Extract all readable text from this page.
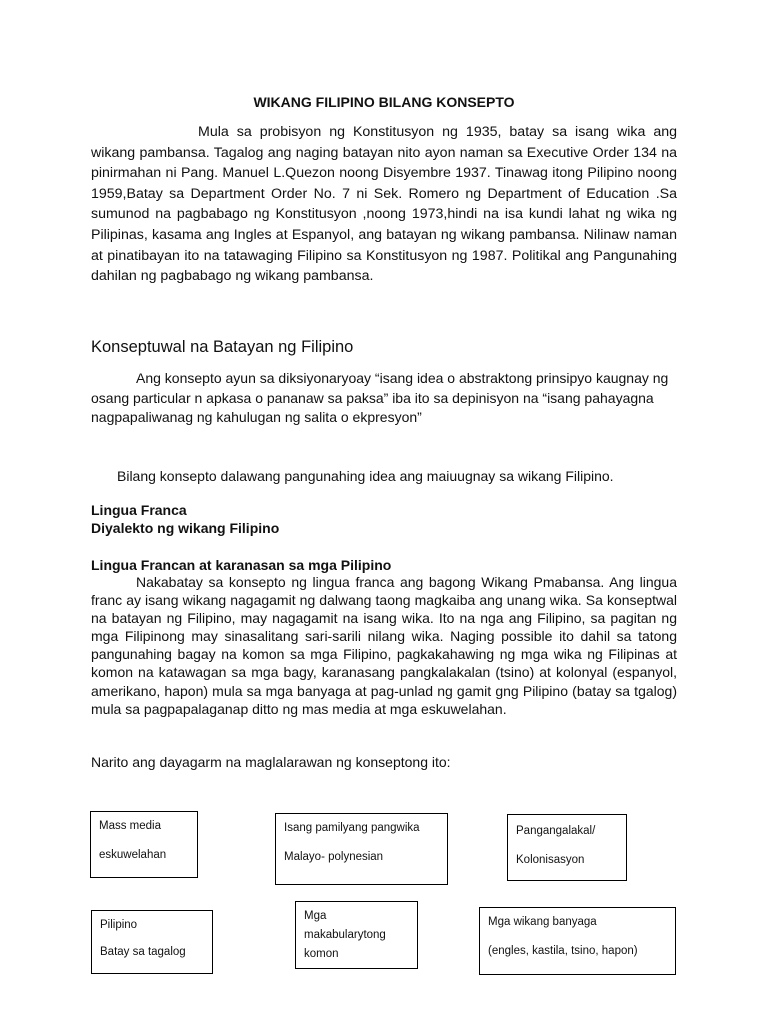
WIKANG FILIPINO BILANG KONSEPTO
Mula sa probisyon ng Konstitusyon ng 1935, batay sa isang wika ang wikang pambansa. Tagalog ang naging batayan nito ayon naman sa Executive Order 134 na pinirmahan ni Pang. Manuel L.Quezon noong Disyembre 1937. Tinawag itong Pilipino noong 1959,Batay sa Department Order No. 7 ni Sek. Romero ng Department of Education .Sa sumunod na pagbabago ng Konstitusyon ,noong 1973,hindi na isa kundi lahat ng wika ng Pilipinas, kasama ang Ingles at Espanyol, ang batayan ng wikang pambansa. Nilinaw naman at pinatibayan ito na tatawaging Filipino sa Konstitusyon ng 1987. Politikal ang Pangunahing dahilan ng pagbabago ng wikang pambansa.
Konseptuwal na Batayan ng Filipino
Ang konsepto ayun sa diksiyonaryoay “isang idea o abstraktong prinsipyo kaugnay ng osang particular n apkasa o pananaw sa paksa” iba ito sa depinisyon na “isang pahayagna nagpapaliwanag ng kahulugan ng salita o ekpresyon”
Bilang konsepto dalawang pangunahing idea ang maiuugnay sa wikang Filipino.
Lingua Franca
Diyalekto ng wikang Filipino
Lingua Francan at karanasan sa mga Pilipino
Nakabatay sa konsepto ng lingua franca ang bagong Wikang Pmabansa. Ang lingua franc ay isang wikang nagagamit ng dalwang taong magkaiba ang unang wika. Sa konseptwal na batayan ng Filipino, may nagagamit na isang wika. Ito na nga ang Filipino, sa pagitan ng mga Filipinong may sinasalitang sari-sarili nilang wika. Naging possible ito dahil sa tatong pangunahing bagay na komon sa mga Filipino, pagkakahawing ng mga wika ng Filipinas at komon na katawagan sa mga bagy, karanasang pangkalakalan (tsino) at kolonyal (espanyol, amerikano, hapon) mula sa mga banyaga at pag-unlad ng gamit gng Pilipino (batay sa tgalog) mula sa pagpapalaganap ditto ng mas media at mga eskuwelahan.
Narito ang dayagarm na maglalarawan ng konseptong ito:
Mass media
eskuwelahan
Isang pamilyang pangwika
Malayo- polynesian
Pangangalakal/
Kolonisasyon
Pilipino
Batay sa tagalog
Mga
makabularytong
komon
Mga wikang banyaga
(engles, kastila, tsino, hapon)
